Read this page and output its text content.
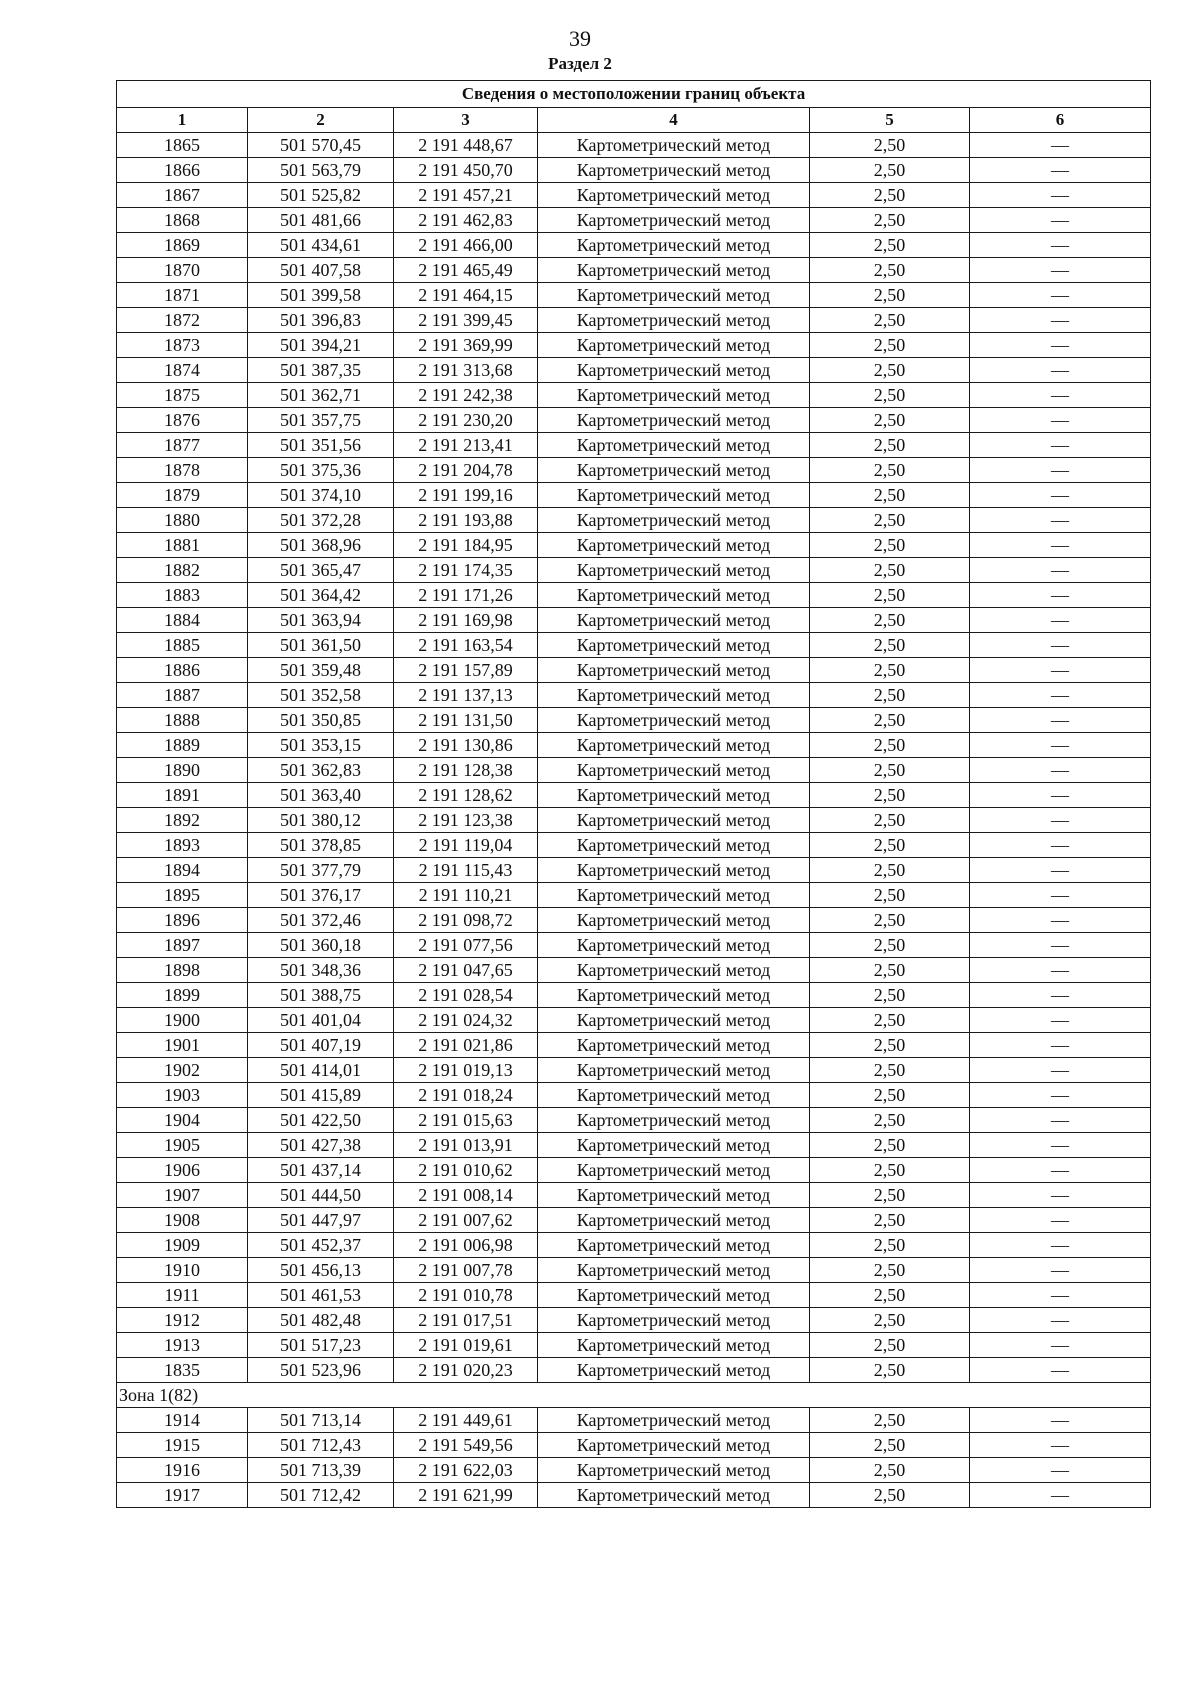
39
Раздел 2
Сведения о местоположении границ объекта					
1	2	3	4	5	6
1865	501 570,45	2 191 448,67	Картометрический метод	2,50	—
1866	501 563,79	2 191 450,70	Картометрический метод	2,50	—
1867	501 525,82	2 191 457,21	Картометрический метод	2,50	—
1868	501 481,66	2 191 462,83	Картометрический метод	2,50	—
1869	501 434,61	2 191 466,00	Картометрический метод	2,50	—
1870	501 407,58	2 191 465,49	Картометрический метод	2,50	—
1871	501 399,58	2 191 464,15	Картометрический метод	2,50	—
1872	501 396,83	2 191 399,45	Картометрический метод	2,50	—
1873	501 394,21	2 191 369,99	Картометрический метод	2,50	—
1874	501 387,35	2 191 313,68	Картометрический метод	2,50	—
1875	501 362,71	2 191 242,38	Картометрический метод	2,50	—
1876	501 357,75	2 191 230,20	Картометрический метод	2,50	—
1877	501 351,56	2 191 213,41	Картометрический метод	2,50	—
1878	501 375,36	2 191 204,78	Картометрический метод	2,50	—
1879	501 374,10	2 191 199,16	Картометрический метод	2,50	—
1880	501 372,28	2 191 193,88	Картометрический метод	2,50	—
1881	501 368,96	2 191 184,95	Картометрический метод	2,50	—
1882	501 365,47	2 191 174,35	Картометрический метод	2,50	—
1883	501 364,42	2 191 171,26	Картометрический метод	2,50	—
1884	501 363,94	2 191 169,98	Картометрический метод	2,50	—
1885	501 361,50	2 191 163,54	Картометрический метод	2,50	—
1886	501 359,48	2 191 157,89	Картометрический метод	2,50	—
1887	501 352,58	2 191 137,13	Картометрический метод	2,50	—
1888	501 350,85	2 191 131,50	Картометрический метод	2,50	—
1889	501 353,15	2 191 130,86	Картометрический метод	2,50	—
1890	501 362,83	2 191 128,38	Картометрический метод	2,50	—
1891	501 363,40	2 191 128,62	Картометрический метод	2,50	—
1892	501 380,12	2 191 123,38	Картометрический метод	2,50	—
1893	501 378,85	2 191 119,04	Картометрический метод	2,50	—
1894	501 377,79	2 191 115,43	Картометрический метод	2,50	—
1895	501 376,17	2 191 110,21	Картометрический метод	2,50	—
1896	501 372,46	2 191 098,72	Картометрический метод	2,50	—
1897	501 360,18	2 191 077,56	Картометрический метод	2,50	—
1898	501 348,36	2 191 047,65	Картометрический метод	2,50	—
1899	501 388,75	2 191 028,54	Картометрический метод	2,50	—
1900	501 401,04	2 191 024,32	Картометрический метод	2,50	—
1901	501 407,19	2 191 021,86	Картометрический метод	2,50	—
1902	501 414,01	2 191 019,13	Картометрический метод	2,50	—
1903	501 415,89	2 191 018,24	Картометрический метод	2,50	—
1904	501 422,50	2 191 015,63	Картометрический метод	2,50	—
1905	501 427,38	2 191 013,91	Картометрический метод	2,50	—
1906	501 437,14	2 191 010,62	Картометрический метод	2,50	—
1907	501 444,50	2 191 008,14	Картометрический метод	2,50	—
1908	501 447,97	2 191 007,62	Картометрический метод	2,50	—
1909	501 452,37	2 191 006,98	Картометрический метод	2,50	—
1910	501 456,13	2 191 007,78	Картометрический метод	2,50	—
1911	501 461,53	2 191 010,78	Картометрический метод	2,50	—
1912	501 482,48	2 191 017,51	Картометрический метод	2,50	—
1913	501 517,23	2 191 019,61	Картометрический метод	2,50	—
1835	501 523,96	2 191 020,23	Картометрический метод	2,50	—
Зона 1(82)					
1914	501 713,14	2 191 449,61	Картометрический метод	2,50	—
1915	501 712,43	2 191 549,56	Картометрический метод	2,50	—
1916	501 713,39	2 191 622,03	Картометрический метод	2,50	—
1917	501 712,42	2 191 621,99	Картометрический метод	2,50	—
